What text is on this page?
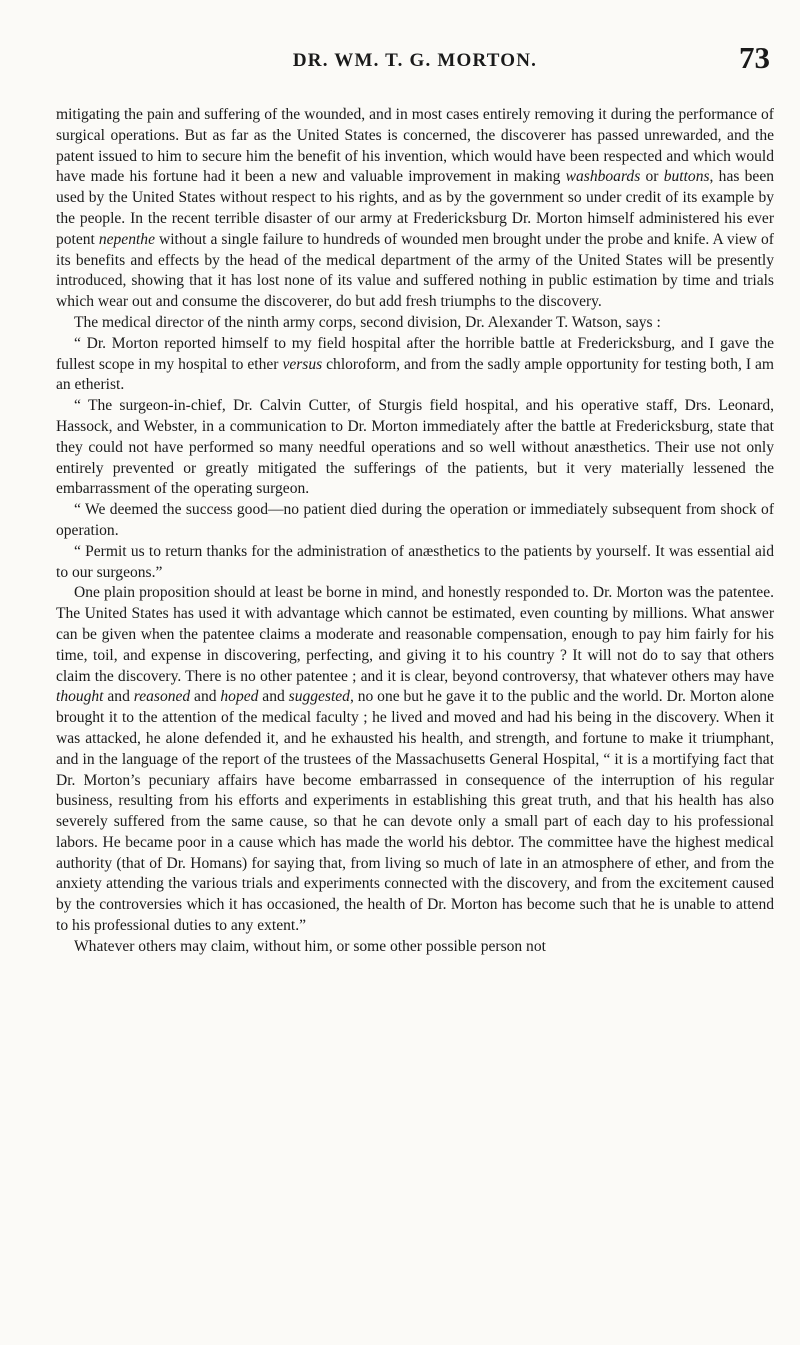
DR. WM. T. G. MORTON.	73

mitigating the pain and suffering of the wounded, and in most cases entirely removing it during the performance of surgical operations. But as far as the United States is concerned, the discoverer has passed unrewarded, and the patent issued to him to secure him the benefit of his invention, which would have been respected and which would have made his fortune had it been a new and valuable improvement in making washboards or buttons, has been used by the United States without respect to his rights, and as by the government so under credit of its example by the people. In the recent terrible disaster of our army at Fredericksburg Dr. Morton himself administered his ever potent nepenthe without a single failure to hundreds of wounded men brought under the probe and knife. A view of its benefits and effects by the head of the medical department of the army of the United States will be presently introduced, showing that it has lost none of its value and suffered nothing in public estimation by time and trials which wear out and consume the discoverer, do but add fresh triumphs to the discovery.

The medical director of the ninth army corps, second division, Dr. Alexander T. Watson, says :

“ Dr. Morton reported himself to my field hospital after the horrible battle at Fredericksburg, and I gave the fullest scope in my hospital to ether versus chloroform, and from the sadly ample opportunity for testing both, I am an etherist.

“ The surgeon-in-chief, Dr. Calvin Cutter, of Sturgis field hospital, and his operative staff, Drs. Leonard, Hassock, and Webster, in a communication to Dr. Morton immediately after the battle at Fredericksburg, state that they could not have performed so many needful operations and so well without anæsthetics. Their use not only entirely prevented or greatly mitigated the sufferings of the patients, but it very materially lessened the embarrassment of the operating surgeon.

“ We deemed the success good—no patient died during the operation or immediately subsequent from shock of operation.

“ Permit us to return thanks for the administration of anæsthetics to the patients by yourself. It was essential aid to our surgeons.”

One plain proposition should at least be borne in mind, and honestly responded to. Dr. Morton was the patentee. The United States has used it with advantage which cannot be estimated, even counting by millions. What answer can be given when the patentee claims a moderate and reasonable compensation, enough to pay him fairly for his time, toil, and expense in discovering, perfecting, and giving it to his country ? It will not do to say that others claim the discovery. There is no other patentee ; and it is clear, beyond controversy, that whatever others may have thought and reasoned and hoped and suggested, no one but he gave it to the public and the world. Dr. Morton alone brought it to the attention of the medical faculty ; he lived and moved and had his being in the discovery. When it was attacked, he alone defended it, and he exhausted his health, and strength, and fortune to make it triumphant, and in the language of the report of the trustees of the Massachusetts General Hospital, “ it is a mortifying fact that Dr. Morton’s pecuniary affairs have become embarrassed in consequence of the interruption of his regular business, resulting from his efforts and experiments in establishing this great truth, and that his health has also severely suffered from the same cause, so that he can devote only a small part of each day to his professional labors. He became poor in a cause which has made the world his debtor. The committee have the highest medical authority (that of Dr. Homans) for saying that, from living so much of late in an atmosphere of ether, and from the anxiety attending the various trials and experiments connected with the discovery, and from the excitement caused by the controversies which it has occasioned, the health of Dr. Morton has become such that he is unable to attend to his professional duties to any extent.”

Whatever others may claim, without him, or some other possible person not
